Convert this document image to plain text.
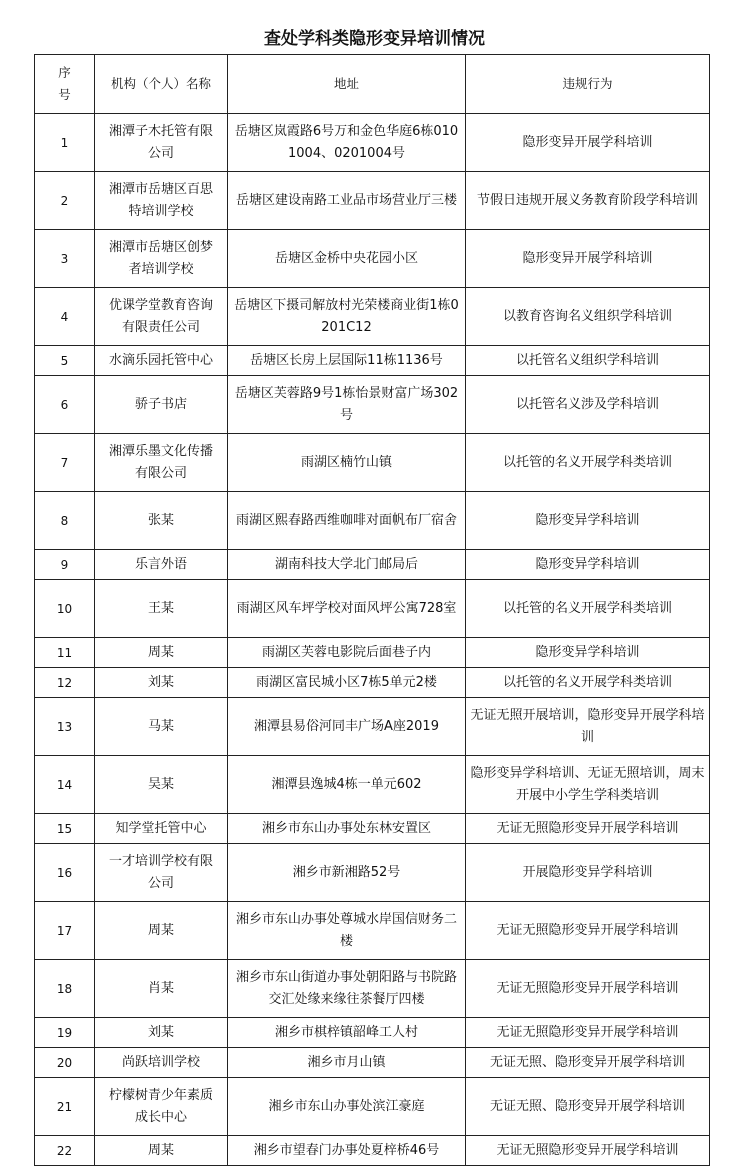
查处学科类隐形变异培训情况
序号	机构（个人）名称	地址	违规行为
1	湘潭子木托管有限公司	岳塘区岚霞路6号万和金色华庭6栋0101004、0201004号	隐形变异开展学科培训
2	湘潭市岳塘区百思特培训学校	岳塘区建设南路工业品市场营业厅三楼	节假日违规开展义务教育阶段学科培训
3	湘潭市岳塘区创梦者培训学校	岳塘区金桥中央花园小区	隐形变异开展学科培训
4	优课学堂教育咨询有限责任公司	岳塘区下摄司解放村光荣楼商业街1栋0201C12	以教育咨询名义组织学科培训
5	水滴乐园托管中心	岳塘区长房上层国际11栋1136号	以托管名义组织学科培训
6	骄子书店	岳塘区芙蓉路9号1栋怡景财富广场302号	以托管名义涉及学科培训
7	湘潭乐墨文化传播有限公司	雨湖区楠竹山镇	以托管的名义开展学科类培训
8	张某	雨湖区熙春路西维咖啡对面帆布厂宿舍	隐形变异学科培训
9	乐言外语	湖南科技大学北门邮局后	隐形变异学科培训
10	王某	雨湖区风车坪学校对面风坪公寓728室	以托管的名义开展学科类培训
11	周某	雨湖区芙蓉电影院后面巷子内	隐形变异学科培训
12	刘某	雨湖区富民城小区7栋5单元2楼	以托管的名义开展学科类培训
13	马某	湘潭县易俗河同丰广场A座2019	无证无照开展培训，隐形变异开展学科培训
14	吴某	湘潭县逸城4栋一单元602	隐形变异学科培训、无证无照培训，周末开展中小学生学科类培训
15	知学堂托管中心	湘乡市东山办事处东林安置区	无证无照隐形变异开展学科培训
16	一才培训学校有限公司	湘乡市新湘路52号	开展隐形变异学科培训
17	周某	湘乡市东山办事处尊城水岸国信财务二楼	无证无照隐形变异开展学科培训
18	肖某	湘乡市东山街道办事处朝阳路与书院路交汇处缘来缘往茶餐厅四楼	无证无照隐形变异开展学科培训
19	刘某	湘乡市棋梓镇韶峰工人村	无证无照隐形变异开展学科培训
20	尚跃培训学校	湘乡市月山镇	无证无照、隐形变异开展学科培训
21	柠檬树青少年素质成长中心	湘乡市东山办事处滨江豪庭	无证无照、隐形变异开展学科培训
22	周某	湘乡市望春门办事处夏梓桥46号	无证无照隐形变异开展学科培训
